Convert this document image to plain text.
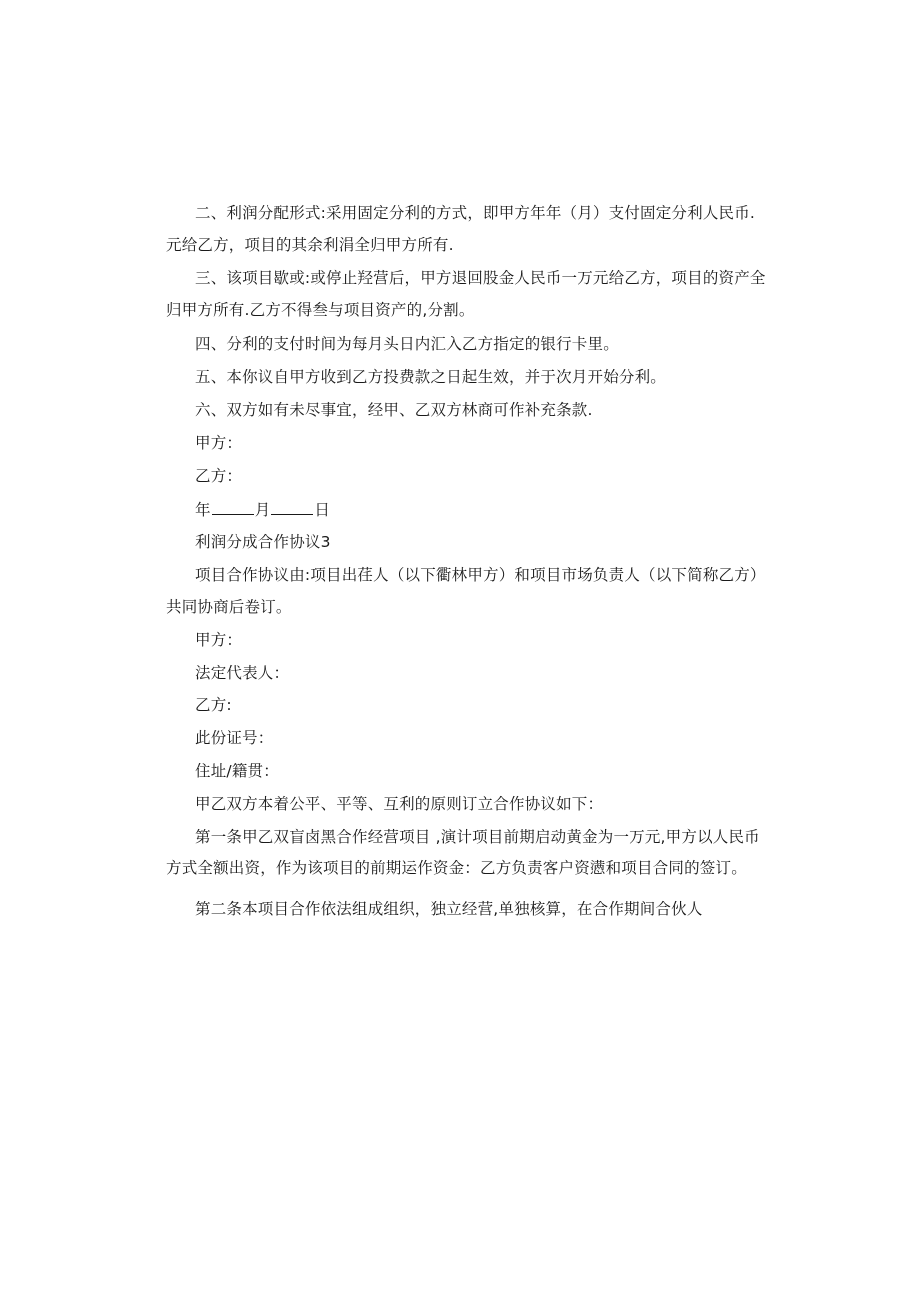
二、利润分配形式:采用固定分利的方式，即甲方年年（月）支付固定分利人民币.
元给乙方，项目的其余利涓全归甲方所有.
三、该项目歇或:或停止羟营后，甲方退回股金人民币一万元给乙方，项目的资产全
归甲方所有.乙方不得叁与项目资产的,分割。
四、分利的支付时间为每月头日内汇入乙方指定的银行卡里。
五、本你议自甲方收到乙方投费款之日起生效，并于次月开始分利。
六、双方如有未尽事宜，经甲、乙双方林商可作补充条款.
甲方：
乙方：
年	月	日
利润分成合作协议3
项目合作协议由:项目出荏人（以下衢林甲方）和项目市场负责人（以下简称乙方）
共同协商后卷订。
甲方：
法定代表人：
乙方:
此份证号：
住址/籍贯：
甲乙双方本着公平、平等、互利的原则订立合作协议如下：
第一条甲乙双盲卤黑合作经营项目 ,演计项目前期启动黄金为一万元,甲方以人民币
方式全额出资，作为该项目的前期运作资金：乙方负责客户资懑和项目合同的签订。
第二条本项目合作依法组成组织，独立经营,单独核算，在合作期间合伙人
